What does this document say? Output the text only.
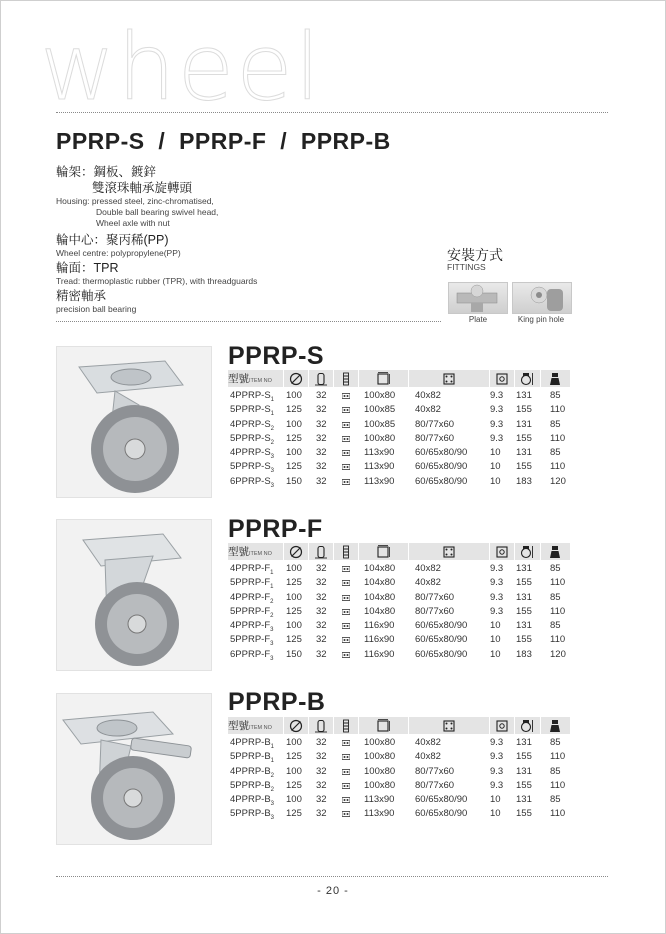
wheel
PPRP-S  /  PPRP-F  /  PPRP-B
輪架：鋼板、鍍鋅
雙滾珠軸承旋轉頭
Housing: pressed steel, zinc-chromatised,
Double ball bearing swivel head,
Wheel axle with nut
輪中心：聚丙稀(PP)
Wheel centre: polypropylene(PP)
輪面：TPR
Tread: thermoplastic rubber (TPR), with threadguards
精密軸承
precision ball bearing
安裝方式
FITTINGS
Plate	King pin hole
PPRP-S
PPRP-F
PPRP-B
型號ITEM NO
$4PPRP-S_1$ 100 32	100x80 40x82	9.3 131 85
$5PPRP-S_1$ 125 32	100x85 40x82	9.3 155 110
$4PPRP-S_2$ 100 32	100x85 80/77x60	9.3 131 85
$5PPRP-S_2$ 125 32	100x80 80/77x60	9.3 155 110
$4PPRP-S_3$ 100 32	113x90 60/65x80/90 10 131 85
$5PPRP-S_3$ 125 32	113x90 60/65x80/90 10 155 110
$6PPRP-S_3$ 150 32	113x90 60/65x80/90 10 183 120
型號ITEM NO
$4PPRP-F_1$ 100 32	104x80 40x82	9.3 131 85
$5PPRP-F_1$ 125 32	104x80 40x82	9.3 155 110
$4PPRP-F_2$ 100 32	104x80 80/77x60	9.3 131 85
$5PPRP-F_2$ 125 32	104x80 80/77x60	9.3 155 110
$4PPRP-F_3$ 100 32	116x90 60/65x80/90 10 131 85
$5PPRP-F_3$ 125 32	116x90 60/65x80/90 10 155 110
$6PPRP-F_3$ 150 32	116x90 60/65x80/90 10 183 120
型號ITEM NO
$4PPRP-B_1$ 100 32	100x80 40x82	9.3 131 85
$5PPRP-B_1$ 125 32	100x80 40x82	9.3 155 110
$4PPRP-B_2$ 100 32	100x80 80/77x60	9.3 131 85
$5PPRP-B_2$ 125 32	100x80 80/77x60	9.3 155 110
$4PPRP-B_3$ 100 32	113x90 60/65x80/90 10 131 85
$5PPRP-B_3$ 125 32	113x90 60/65x80/90 10 155 110
- 20 -
